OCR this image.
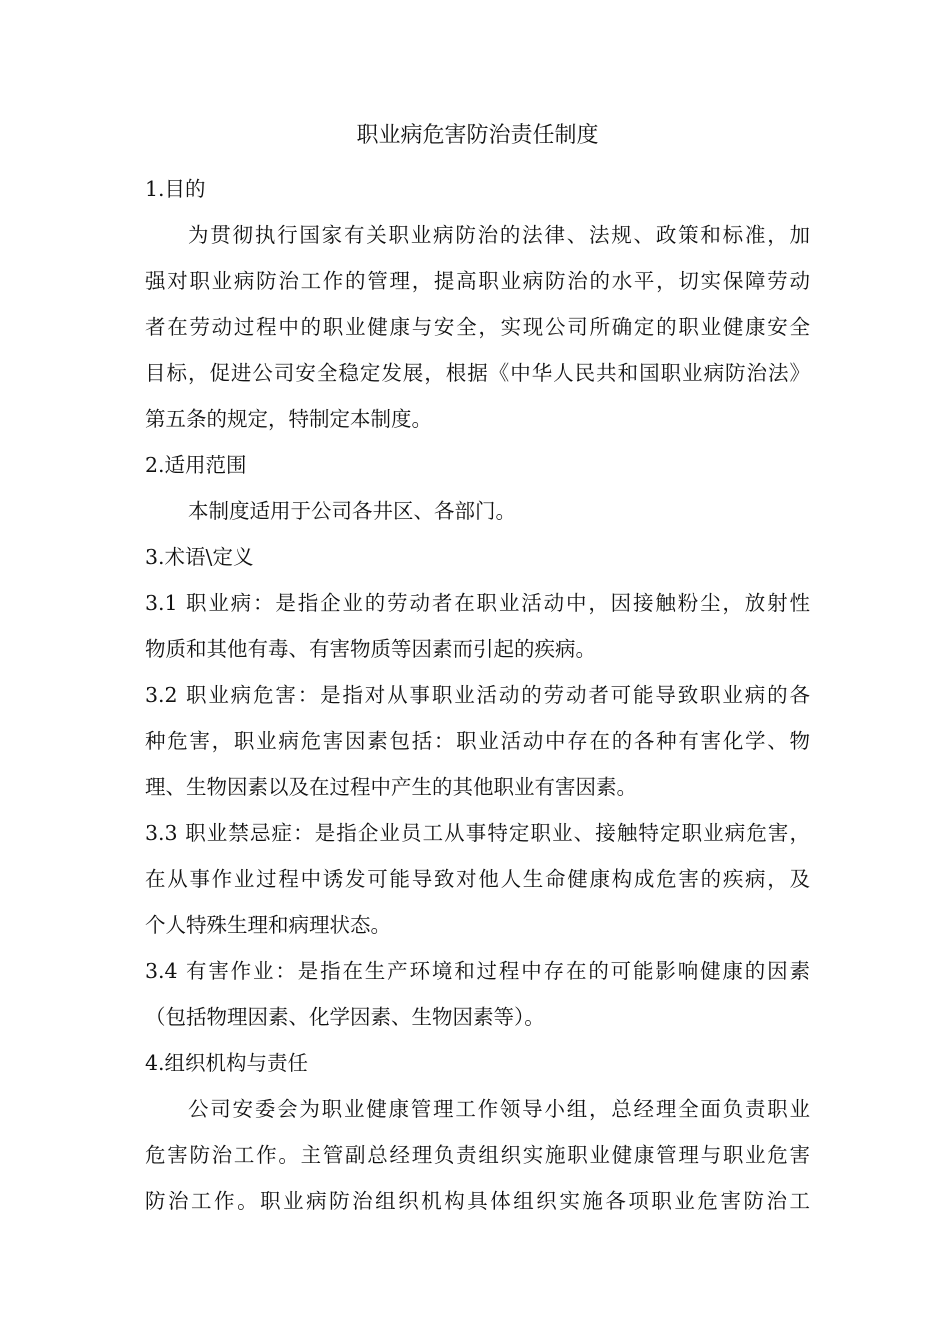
职业病危害防治责任制度
1.目的
为贯彻执行国家有关职业病防治的法律、法规、政策和标准，加
强对职业病防治工作的管理，提高职业病防治的水平，切实保障劳动
者在劳动过程中的职业健康与安全，实现公司所确定的职业健康安全
目标，促进公司安全稳定发展，根据《中华人民共和国职业病防治法》
第五条的规定，特制定本制度。
2.适用范围
本制度适用于公司各井区、各部门。
3.术语\定义
3.1 职业病：是指企业的劳动者在职业活动中，因接触粉尘，放射性
物质和其他有毒、有害物质等因素而引起的疾病。
3.2 职业病危害：是指对从事职业活动的劳动者可能导致职业病的各
种危害，职业病危害因素包括：职业活动中存在的各种有害化学、物
理、生物因素以及在过程中产生的其他职业有害因素。
3.3 职业禁忌症：是指企业员工从事特定职业、接触特定职业病危害，
在从事作业过程中诱发可能导致对他人生命健康构成危害的疾病，及
个人特殊生理和病理状态。
3.4 有害作业：是指在生产环境和过程中存在的可能影响健康的因素
（包括物理因素、化学因素、生物因素等）。
4.组织机构与责任
公司安委会为职业健康管理工作领导小组，总经理全面负责职业
危害防治工作。主管副总经理负责组织实施职业健康管理与职业危害
防治工作。职业病防治组织机构具体组织实施各项职业危害防治工
